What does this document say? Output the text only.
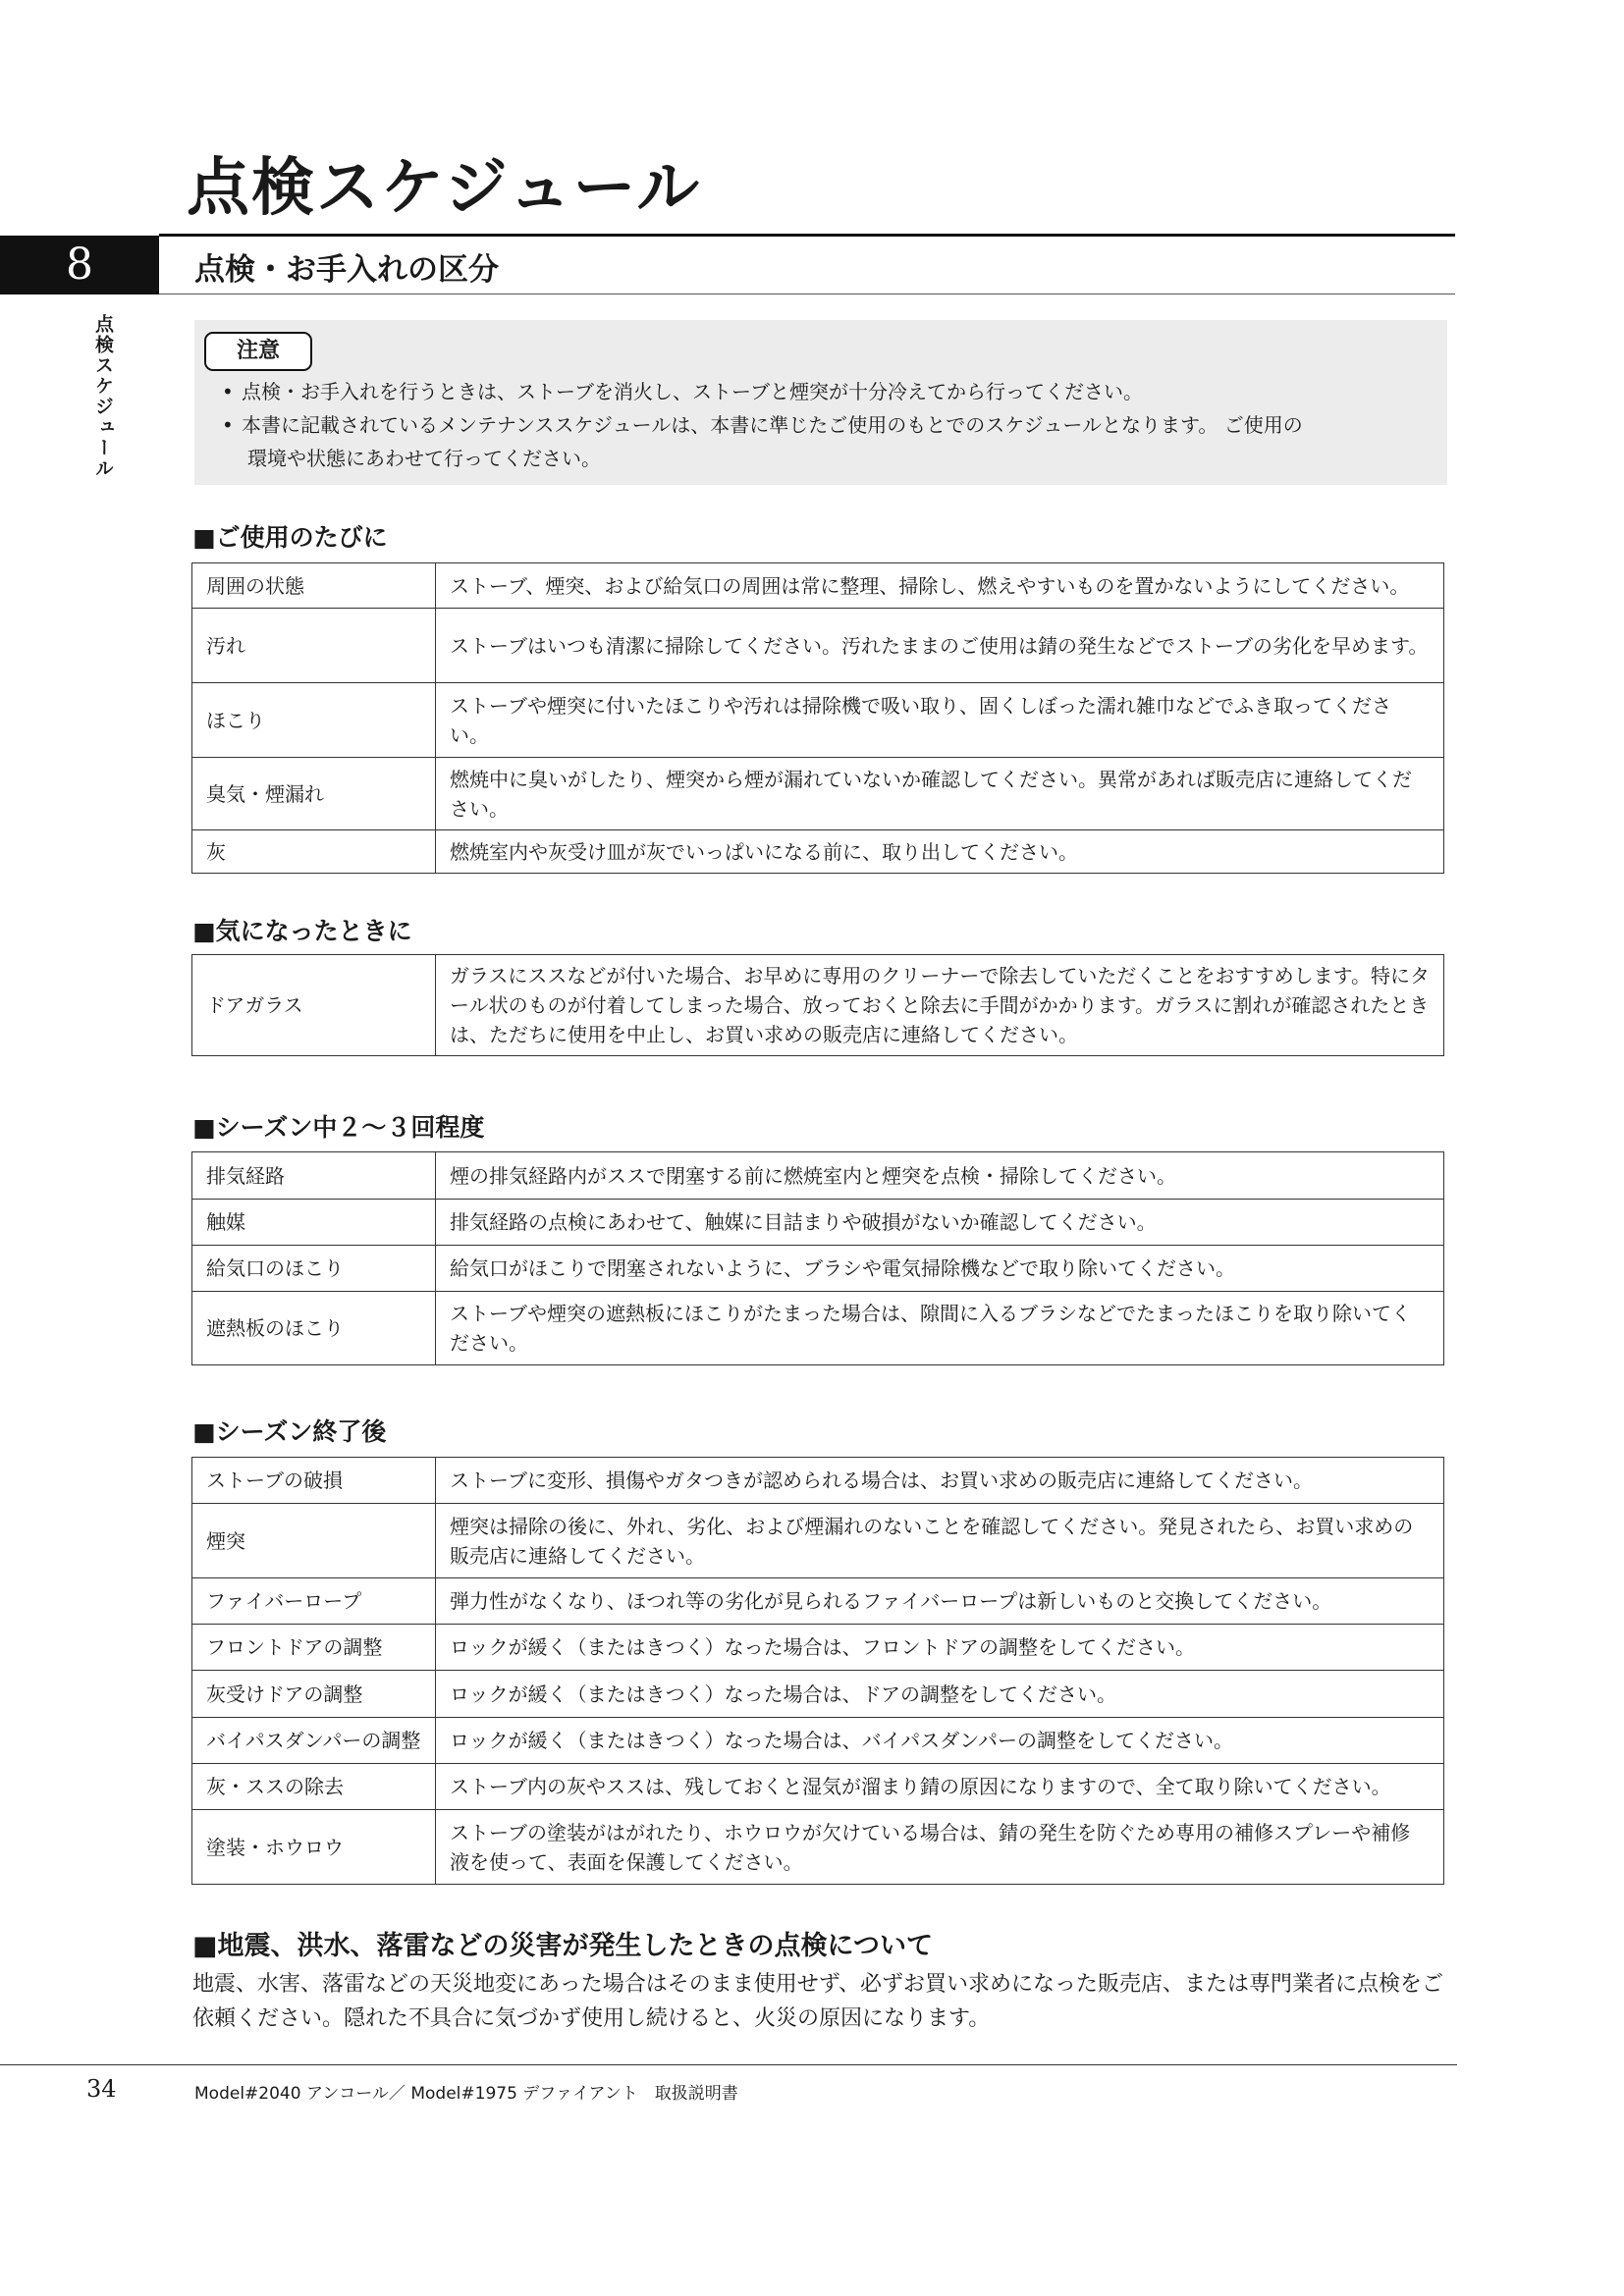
点検スケジュール
8	点検・お手入れの区分
点検スケジュール	注意
• 点検・お手入れを行うときは、ストーブを消火し、ストーブと煙突が十分冷えてから行ってください。
• 本書に記載されているメンテナンススケジュールは、本書に準じたご使用のもとでのスケジュールとなります。 ご使用の
環境や状態にあわせて行ってください。
■ご使用のたびに
周囲の状態	ストーブ、煙突、および給気口の周囲は常に整理、掃除し、燃えやすいものを置かないようにしてください。
汚れ	ストーブはいつも清潔に掃除してください。汚れたままのご使用は錆の発生などでストーブの劣化を早めます。
ほこり	ストーブや煙突に付いたほこりや汚れは掃除機で吸い取り、固くしぼった濡れ雑巾などでふき取ってください。
臭気・煙漏れ	燃焼中に臭いがしたり、煙突から煙が漏れていないか確認してください。異常があれば販売店に連絡してください。
灰	燃焼室内や灰受け皿が灰でいっぱいになる前に、取り出してください。
■気になったときに
ドアガラス	ガラスにススなどが付いた場合、お早めに専用のクリーナーで除去していただくことをおすすめします。特にタール状のものが付着してしまった場合、放っておくと除去に手間がかかります。ガラスに割れが確認されたときは、ただちに使用を中止し、お買い求めの販売店に連絡してください。
■シーズン中２～３回程度
排気経路	煙の排気経路内がススで閉塞する前に燃焼室内と煙突を点検・掃除してください。
触媒	排気経路の点検にあわせて、触媒に目詰まりや破損がないか確認してください。
給気口のほこり	給気口がほこりで閉塞されないように、ブラシや電気掃除機などで取り除いてください。
遮熱板のほこり	ストーブや煙突の遮熱板にほこりがたまった場合は、隙間に入るブラシなどでたまったほこりを取り除いてください。
■シーズン終了後
ストーブの破損	ストーブに変形、損傷やガタつきが認められる場合は、お買い求めの販売店に連絡してください。
煙突	煙突は掃除の後に、外れ、劣化、および煙漏れのないことを確認してください。発見されたら、お買い求めの販売店に連絡してください。
ファイバーロープ	弾力性がなくなり、ほつれ等の劣化が見られるファイバーロープは新しいものと交換してください。
フロントドアの調整	ロックが緩く（またはきつく）なった場合は、フロントドアの調整をしてください。
灰受けドアの調整	ロックが緩く（またはきつく）なった場合は、ドアの調整をしてください。
バイパスダンパーの調整	ロックが緩く（またはきつく）なった場合は、バイパスダンパーの調整をしてください。
灰・ススの除去	ストーブ内の灰やススは、残しておくと湿気が溜まり錆の原因になりますので、全て取り除いてください。
塗装・ホウロウ	ストーブの塗装がはがれたり、ホウロウが欠けている場合は、錆の発生を防ぐため専用の補修スプレーや補修液を使って、表面を保護してください。
■地震、洪水、落雷などの災害が発生したときの点検について

地震、水害、落雷などの天災地変にあった場合はそのまま使用せず、必ずお買い求めになった販売店、または専門業者に点検をご依頼ください。隠れた不具合に気づかず使用し続けると、火災の原因になります。

34	Model#2040 アンコール／ Model#1975 デファイアント　取扱説明書
